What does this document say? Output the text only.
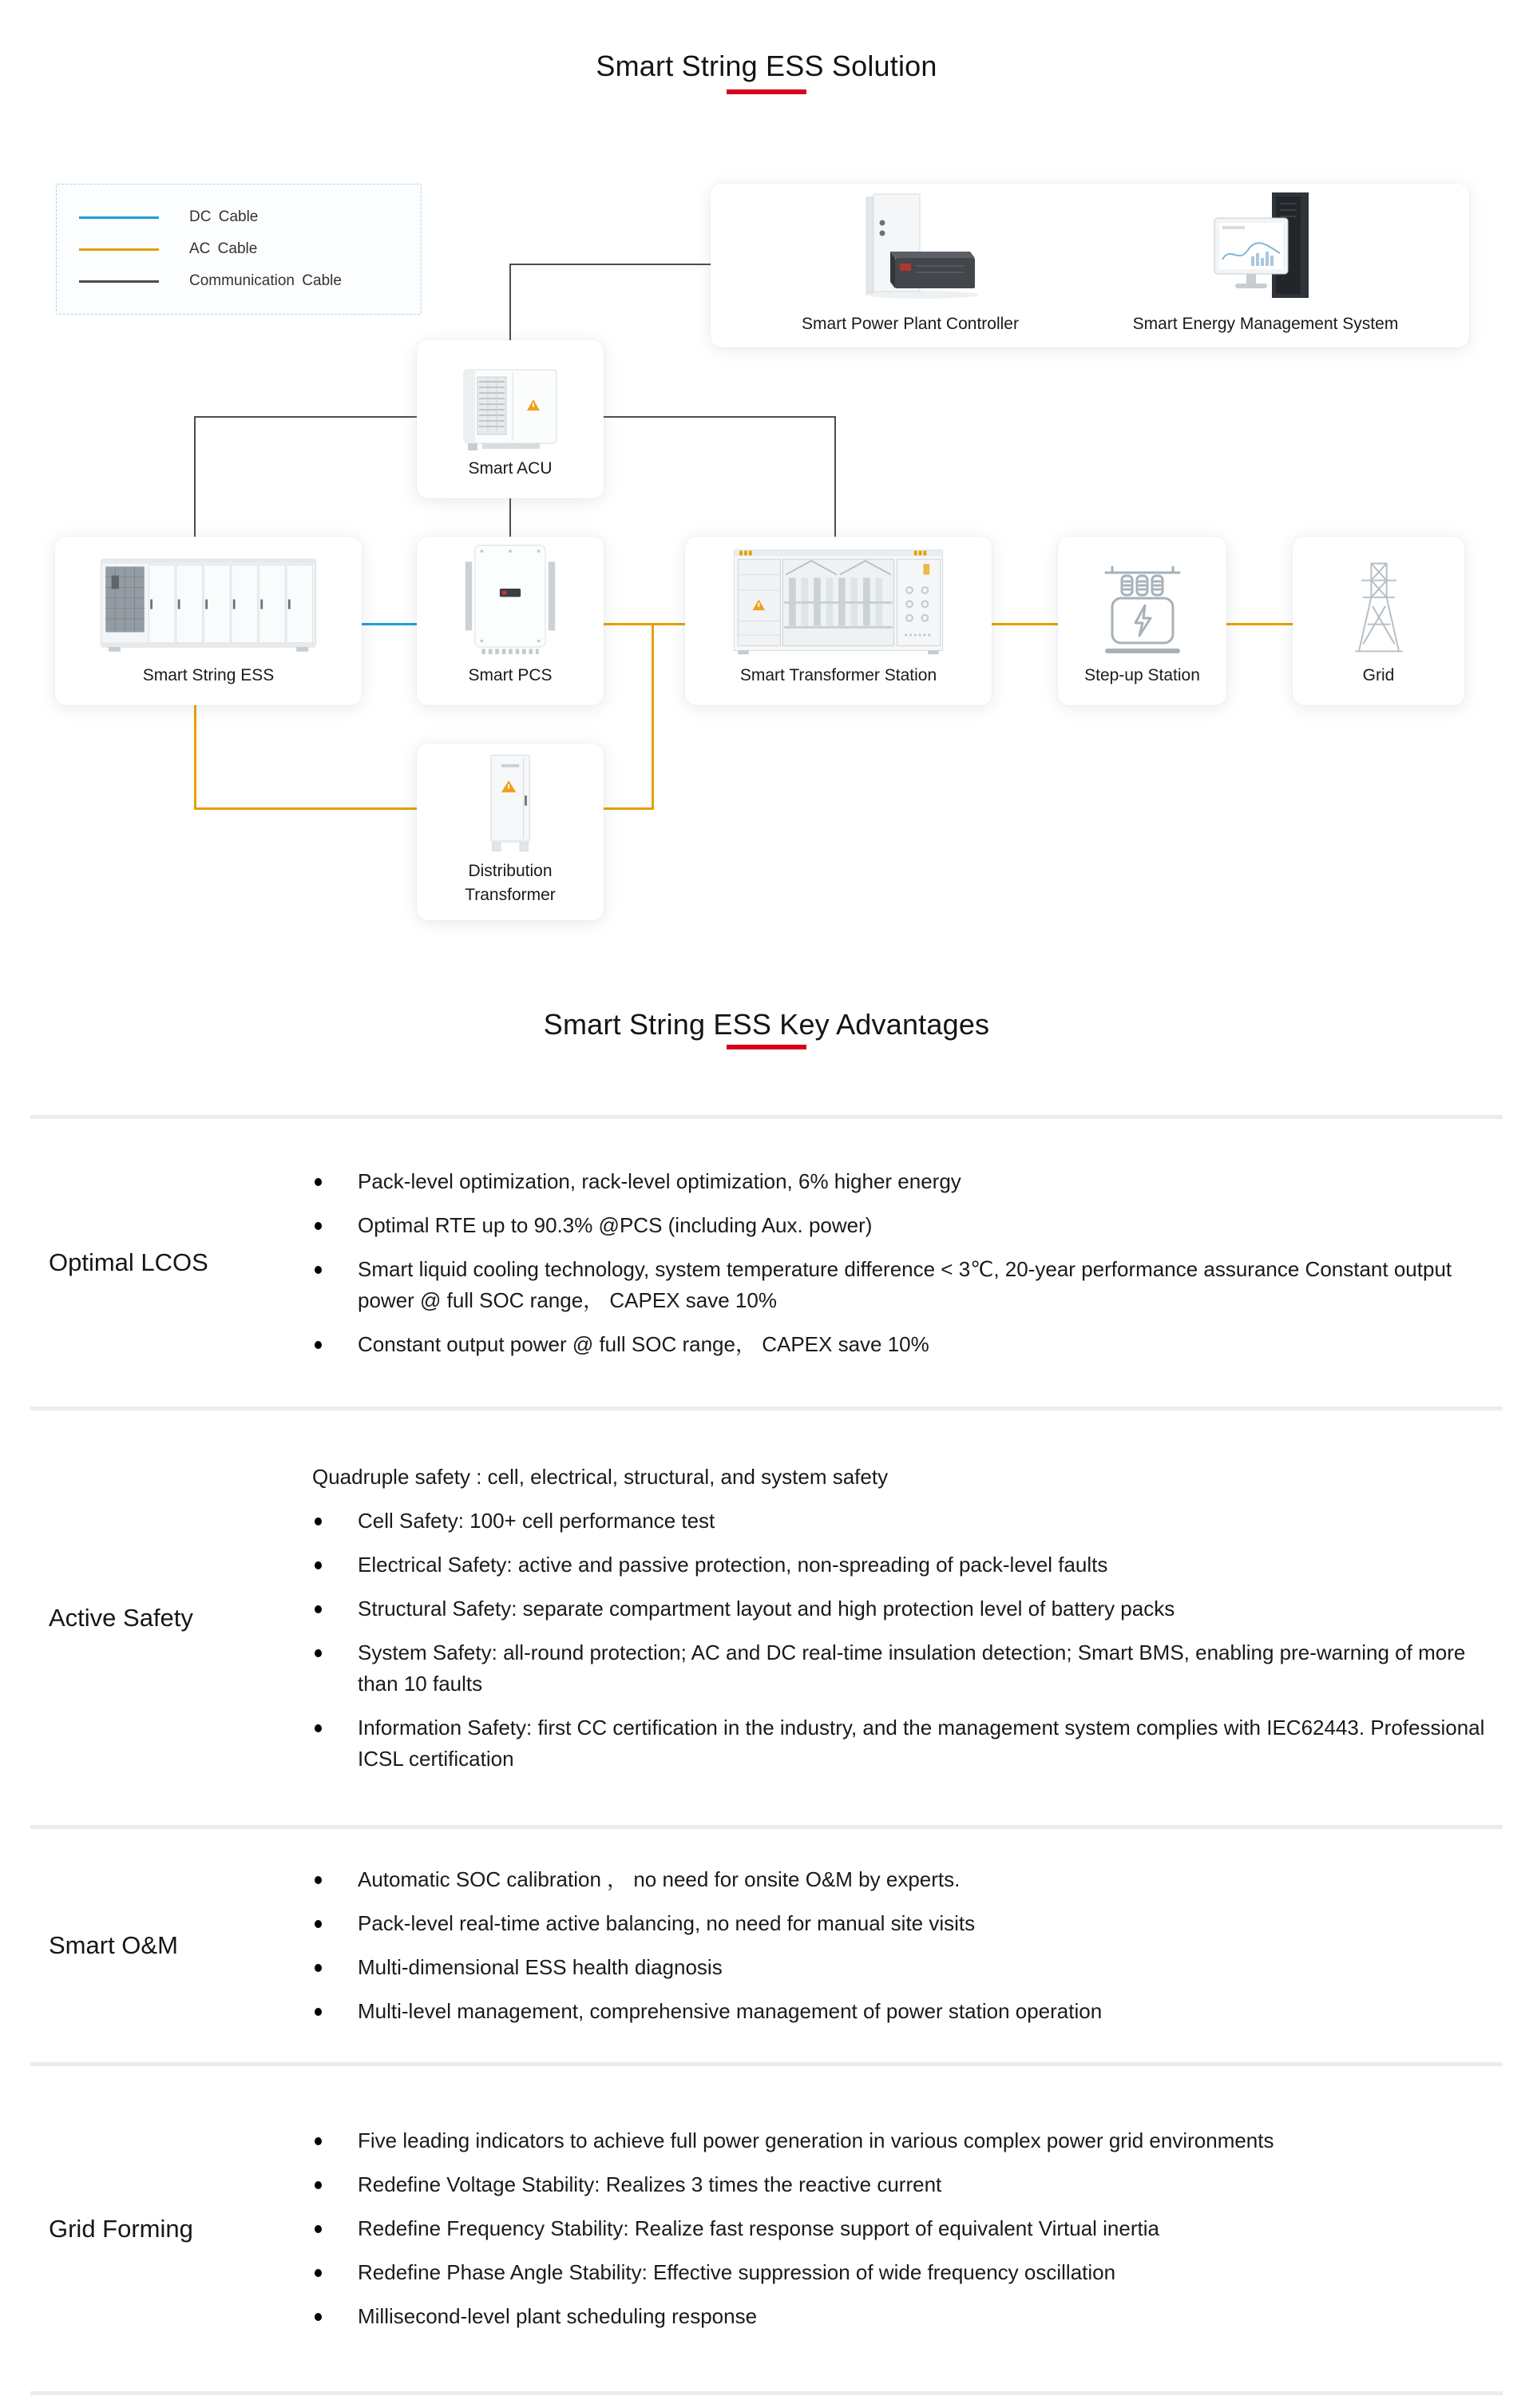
Smart String ESS Solution
DC Cable
AC Cable
Communication Cable
Smart Power Plant Controller	Smart Energy Management System
Smart ACU
Smart String ESS	Smart PCS	Smart Transformer Station	Step-up Station	Grid
Distribution Transformer
Smart String ESS Key Advantages
Optimal LCOS
Pack-level optimization, rack-level optimization, 6% higher energy
Optimal RTE up to 90.3% @PCS (including Aux. power)
Smart liquid cooling technology, system temperature difference < 3℃, 20-year performance assurance Constant output power @ full SOC range， CAPEX save 10%
Constant output power @ full SOC range， CAPEX save 10%
Active Safety
Quadruple safety : cell, electrical, structural, and system safety
Cell Safety: 100+ cell performance test
Electrical Safety: active and passive protection, non-spreading of pack-level faults
Structural Safety: separate compartment layout and high protection level of battery packs
System Safety: all-round protection; AC and DC real-time insulation detection; Smart BMS, enabling pre-warning of more than 10 faults
Information Safety: first CC certification in the industry, and the management system complies with IEC62443. Professional ICSL certification
Smart O&M
Automatic SOC calibration ， no need for onsite O&M by experts.
Pack-level real-time active balancing, no need for manual site visits
Multi-dimensional ESS health diagnosis
Multi-level management, comprehensive management of power station operation
Grid Forming
Five leading indicators to achieve full power generation in various complex power grid environments
Redefine Voltage Stability: Realizes 3 times the reactive current
Redefine Frequency Stability: Realize fast response support of equivalent Virtual inertia
Redefine Phase Angle Stability: Effective suppression of wide frequency oscillation
Millisecond-level plant scheduling response
